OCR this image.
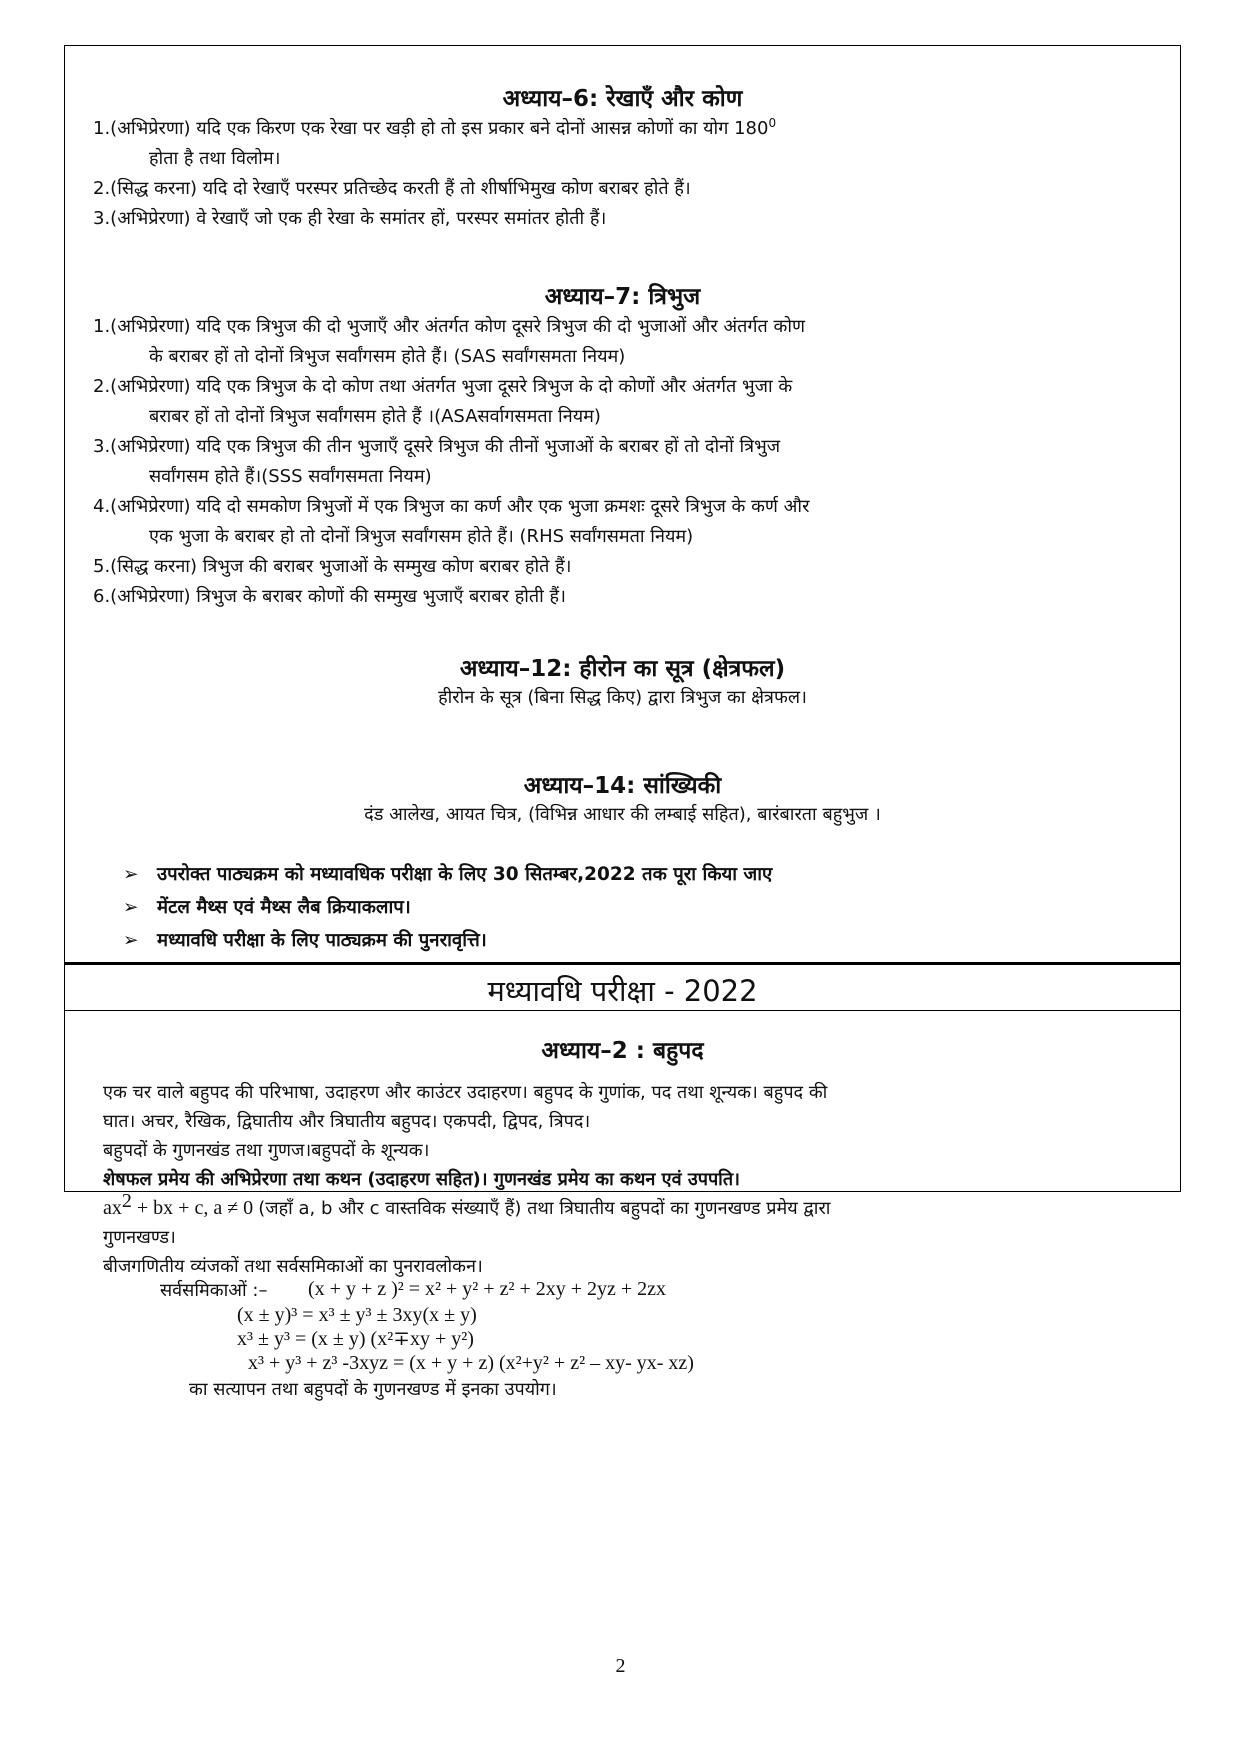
अध्याय–6: रेखाएँ और कोण
1.(अभिप्रेरणा) यदि एक किरण एक रेखा पर खड़ी हो तो इस प्रकार बने दोनों आसन्न कोणों का योग $180^0$
होता है तथा विलोम।
2.(सिद्ध करना) यदि दो रेखाएँ परस्पर प्रतिच्छेद करती हैं तो शीर्षाभिमुख कोण बराबर होते हैं।
3.(अभिप्रेरणा) वे रेखाएँ जो एक ही रेखा के समांतर हों, परस्पर समांतर होती हैं।
अध्याय–7: त्रिभुज
1.(अभिप्रेरणा) यदि एक त्रिभुज की दो भुजाएँ और अंतर्गत कोण दूसरे त्रिभुज की दो भुजाओं और अंतर्गत कोण
के बराबर हों तो दोनों त्रिभुज सर्वांगसम होते हैं। (SAS सर्वांगसमता नियम)
2.(अभिप्रेरणा) यदि एक त्रिभुज के दो कोण तथा अंतर्गत भुजा दूसरे त्रिभुज के दो कोणों और अंतर्गत भुजा के
बराबर हों तो दोनों त्रिभुज सर्वांगसम होते हैं ।(ASAसर्वागसमता नियम)
3.(अभिप्रेरणा) यदि एक त्रिभुज की तीन भुजाएँ दूसरे त्रिभुज की तीनों भुजाओं के बराबर हों तो दोनों त्रिभुज
सर्वांगसम होते हैं।(SSS सर्वांगसमता नियम)
4.(अभिप्रेरणा) यदि दो समकोण त्रिभुजों में एक त्रिभुज का कर्ण और एक भुजा क्रमशः दूसरे त्रिभुज के कर्ण और
एक भुजा के बराबर हो तो दोनों त्रिभुज सर्वांगसम होते हैं। (RHS सर्वांगसमता नियम)
5.(सिद्ध करना) त्रिभुज की बराबर भुजाओं के सम्मुख कोण बराबर होते हैं।
6.(अभिप्रेरणा) त्रिभुज के बराबर कोणों की सम्मुख भुजाएँ बराबर होती हैं।
अध्याय–12: हीरोन का सूत्र (क्षेत्रफल)
हीरोन के सूत्र (बिना सिद्ध किए) द्वारा त्रिभुज का क्षेत्रफल।
अध्याय–14: सांख्यिकी
दंड आलेख, आयत चित्र, (विभिन्न आधार की लम्बाई सहित), बारंबारता बहुभुज ।
➢ उपरोक्त पाठ्यक्रम को मध्यावधिक परीक्षा के लिए 30 सितम्बर,2022 तक पूरा किया जाए
➢ मेंटल मैथ्स एवं मैथ्स लैब क्रियाकलाप।
➢ मध्यावधि परीक्षा के लिए पाठ्यक्रम की पुनरावृत्ति।
मध्यावधि परीक्षा - 2022
अध्याय–2 : बहुपद
एक चर वाले बहुपद की परिभाषा, उदाहरण और काउंटर उदाहरण। बहुपद के गुणांक, पद तथा शून्यक। बहुपद की
घात। अचर, रैखिक, द्विघातीय और त्रिघातीय बहुपद। एकपदी, द्विपद, त्रिपद।
बहुपदों के गुणनखंड तथा गुणज।बहुपदों के शून्यक।
शेषफल प्रमेय की अभिप्रेरणा तथा कथन (उदाहरण सहित)। गुणनखंड प्रमेय का कथन एवं उपपति।
$ax^2$ + bx + c, a ≠ 0 (जहाँ a, b और c वास्तविक संख्याएँ हैं) तथा त्रिघातीय बहुपदों का गुणनखण्ड प्रमेय द्वारा
गुणनखण्ड।
बीजगणितीय व्यंजकों तथा सर्वसमिकाओं का पुनरावलोकन।
सर्वसमिकाओं :– (x + y + z )² = x² + y² + z² + 2xy + 2yz + 2zx
(x ± y)³ = x³ ± y³ ± 3xy(x ± y)
x³ ± y³ = (x ± y) (x²∓xy + y²)
x³ + y³ + z³ -3xyz = (x + y + z) (x²+y² + z² – xy- yx- xz)
का सत्यापन तथा बहुपदों के गुणनखण्ड में इनका उपयोग।
2
